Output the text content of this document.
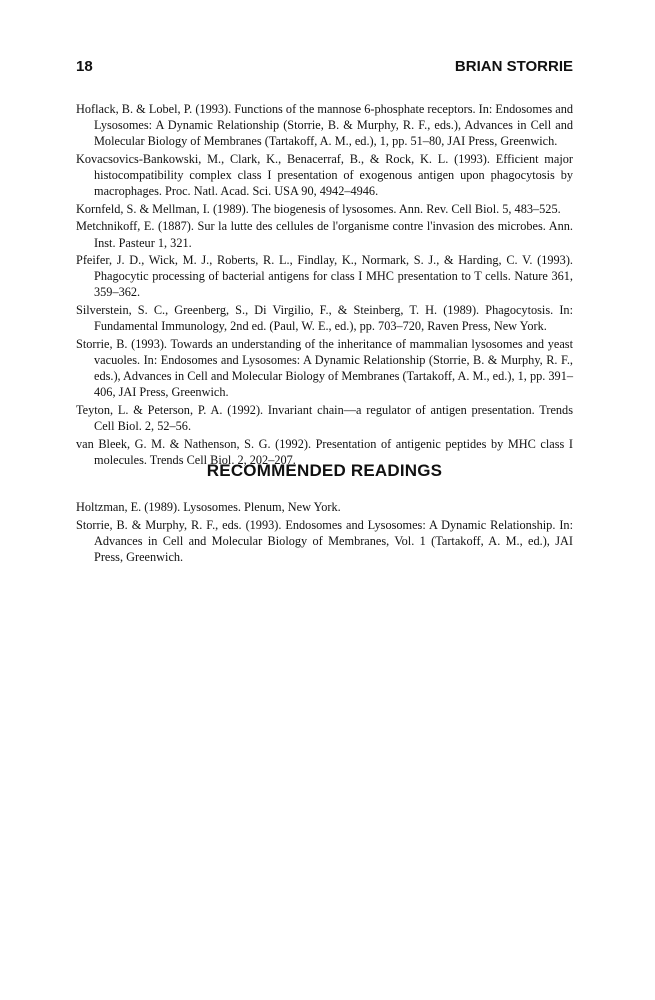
18	BRIAN STORRIE

Hoflack, B. & Lobel, P. (1993). Functions of the mannose 6-phosphate receptors. In: Endosomes and Lysosomes: A Dynamic Relationship (Storrie, B. & Murphy, R. F., eds.), Advances in Cell and Molecular Biology of Membranes (Tartakoff, A. M., ed.), 1, pp. 51–80, JAI Press, Greenwich.

Kovacsovics-Bankowski, M., Clark, K., Benacerraf, B., & Rock, K. L. (1993). Efficient major histocompatibility complex class I presentation of exogenous antigen upon phagocytosis by macrophages. Proc. Natl. Acad. Sci. USA 90, 4942–4946.

Kornfeld, S. & Mellman, I. (1989). The biogenesis of lysosomes. Ann. Rev. Cell Biol. 5, 483–525.

Metchnikoff, E. (1887). Sur la lutte des cellules de l'organisme contre l'invasion des microbes. Ann. Inst. Pasteur 1, 321.

Pfeifer, J. D., Wick, M. J., Roberts, R. L., Findlay, K., Normark, S. J., & Harding, C. V. (1993). Phagocytic processing of bacterial antigens for class I MHC presentation to T cells. Nature 361, 359–362.

Silverstein, S. C., Greenberg, S., Di Virgilio, F., & Steinberg, T. H. (1989). Phagocytosis. In: Fundamental Immunology, 2nd ed. (Paul, W. E., ed.), pp. 703–720, Raven Press, New York.

Storrie, B. (1993). Towards an understanding of the inheritance of mammalian lysosomes and yeast vacuoles. In: Endosomes and Lysosomes: A Dynamic Relationship (Storrie, B. & Murphy, R. F., eds.), Advances in Cell and Molecular Biology of Membranes (Tartakoff, A. M., ed.), 1, pp. 391–406, JAI Press, Greenwich.

Teyton, L. & Peterson, P. A. (1992). Invariant chain—a regulator of antigen presentation. Trends Cell Biol. 2, 52–56.

van Bleek, G. M. & Nathenson, S. G. (1992). Presentation of antigenic peptides by MHC class I molecules. Trends Cell Biol. 2, 202–207.

RECOMMENDED READINGS

Holtzman, E. (1989). Lysosomes. Plenum, New York.

Storrie, B. & Murphy, R. F., eds. (1993). Endosomes and Lysosomes: A Dynamic Relationship. In: Advances in Cell and Molecular Biology of Membranes, Vol. 1 (Tartakoff, A. M., ed.), JAI Press, Greenwich.
